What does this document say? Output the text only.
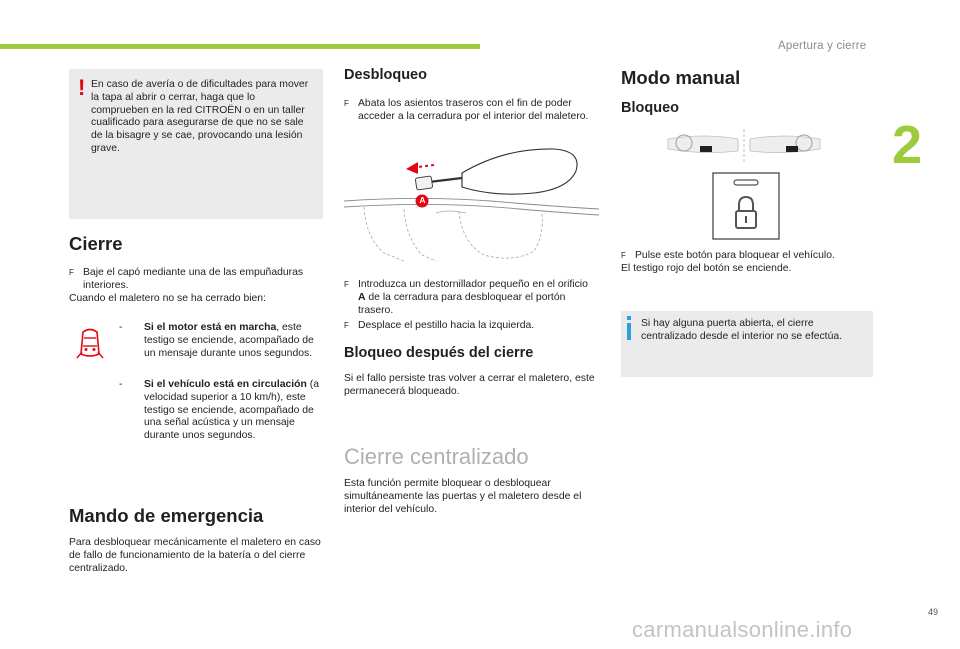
Apertura y cierre
2
49
carmanualsonline.info
! En caso de avería o de dificultades para mover la tapa al abrir o cerrar, haga que lo comprueben en la red CITROËN o en un taller cualificado para asegurarse de que no se sale de la bisagre y se cae, provocando una lesión grave.
Cierre
F Baje el capó mediante una de las empuñaduras interiores.
Cuando el maletero no se ha cerrado bien:
-	Si el motor está en marcha, este testigo se enciende, acompañado de un mensaje durante unos segundos.
-	Si el vehículo está en circulación (a velocidad superior a 10 km/h), este testigo se enciende, acompañado de una señal acústica y un mensaje durante unos segundos.
Mando de emergencia
Para desbloquear mecánicamente el maletero en caso de fallo de funcionamiento de la batería o del cierre centralizado.
Desbloqueo
F Abata los asientos traseros con el fin de poder acceder a la cerradura por el interior del maletero.
A
F Introduzca un destornillador pequeño en el orificio A de la cerradura para desbloquear el portón trasero.
F Desplace el pestillo hacia la izquierda.
Bloqueo después del cierre
Si el fallo persiste tras volver a cerrar el maletero, este permanecerá bloqueado.
Cierre centralizado
Esta función permite bloquear o desbloquear simultáneamente las puertas y el maletero desde el interior del vehículo.
Modo manual
Bloqueo
F Pulse este botón para bloquear el vehículo.
El testigo rojo del botón se enciende.
Si hay alguna puerta abierta, el cierre centralizado desde el interior no se efectúa.
